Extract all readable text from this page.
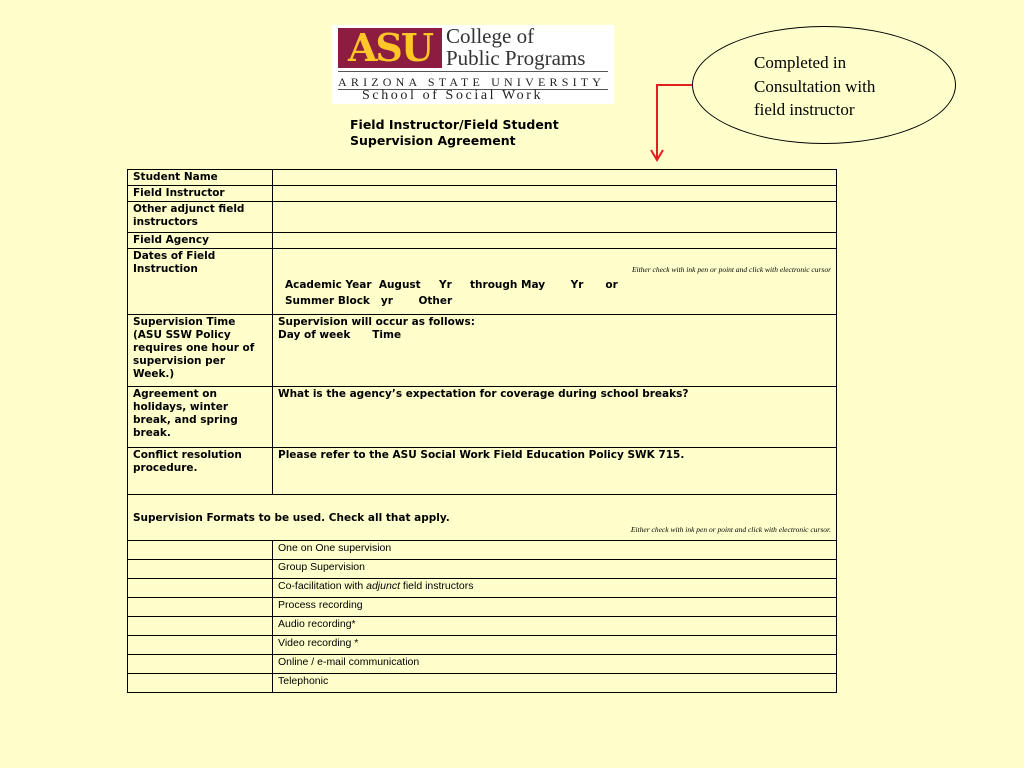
ASU College of
Public Programs
ARIZONA STATE UNIVERSITY
School of Social Work
Field Instructor/Field Student
Supervision Agreement
Completed in
Consultation with
field instructor
Student Name	
Field Instructor	
Other adjunct field instructors	
Field Agency	
Dates of Field Instruction	Either check with ink pen or point and click with electronic cursor
Academic Year  August     Yr     through May       Yr      or
Summer Block   yr       Other

Supervision Time (ASU SSW Policy requires one hour of supervision per Week.)	Supervision will occur as follows:
Day of week      Time

Agreement on holidays, winter break, and spring break.	What is the agency’s expectation for coverage during school breaks?
Conflict resolution procedure.	Please refer to the ASU Social Work Field Education Policy SWK 715.

Supervision Formats to be used. Check all that apply.
Either check with ink pen or point and click with electronic cursor.	

	One on One supervision
	Group Supervision
	Co-facilitation with adjunct field instructors
	Process recording
	Audio recording*
	Video recording *
	Online / e-mail communication
	Telephonic
